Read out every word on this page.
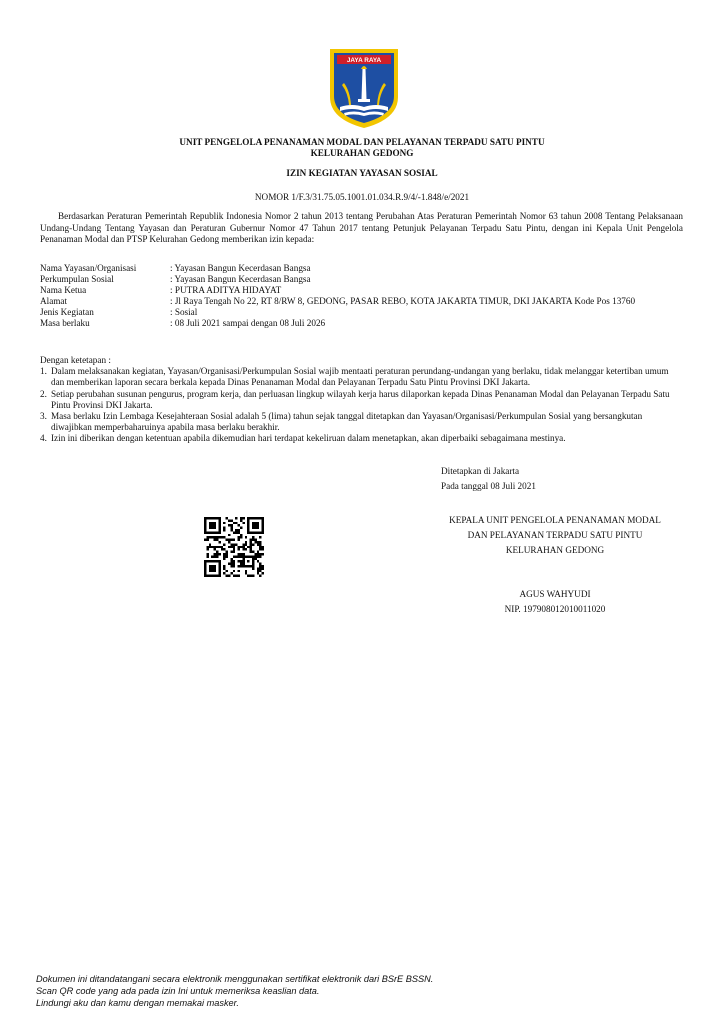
JAYA RAYA
UNIT PENGELOLA PENANAMAN MODAL DAN PELAYANAN TERPADU SATU PINTU
KELURAHAN GEDONG
IZIN KEGIATAN YAYASAN SOSIAL
NOMOR 1/F.3/31.75.05.1001.01.034.R.9/4/-1.848/e/2021

Berdasarkan Peraturan Pemerintah Republik Indonesia Nomor 2 tahun 2013 tentang Perubahan Atas Peraturan Pemerintah Nomor 63 tahun 2008 Tentang Pelaksanaan Undang-Undang Tentang Yayasan dan Peraturan Gubernur Nomor 47 Tahun 2017 tentang Petunjuk Pelayanan Terpadu Satu Pintu, dengan ini Kepala Unit Pengelola Penanaman Modal dan PTSP Kelurahan Gedong memberikan izin kepada:

Nama Yayasan/Organisasi	: Yayasan Bangun Kecerdasan Bangsa
Perkumpulan Sosial	: Yayasan Bangun Kecerdasan Bangsa
Nama Ketua	: PUTRA ADITYA HIDAYAT
Alamat	: Jl Raya Tengah No 22, RT 8/RW 8, GEDONG, PASAR REBO, KOTA JAKARTA TIMUR, DKI JAKARTA Kode Pos 13760
Jenis Kegiatan	: Sosial
Masa berlaku	: 08 Juli 2021 sampai dengan 08 Juli 2026
Dengan ketetapan :
1. Dalam melaksanakan kegiatan, Yayasan/Organisasi/Perkumpulan Sosial wajib mentaati peraturan perundang-undangan yang berlaku, tidak melanggar ketertiban umum dan memberikan laporan secara berkala kepada Dinas Penanaman Modal dan Pelayanan Terpadu Satu Pintu Provinsi DKI Jakarta.
2. Setiap perubahan susunan pengurus, program kerja, dan perluasan lingkup wilayah kerja harus dilaporkan kepada Dinas Penanaman Modal dan Pelayanan Terpadu Satu Pintu Provinsi DKI Jakarta.
3. Masa berlaku Izin Lembaga Kesejahteraan Sosial adalah 5 (lima) tahun sejak tanggal ditetapkan dan Yayasan/Organisasi/Perkumpulan Sosial yang bersangkutan diwajibkan memperbaharuinya apabila masa berlaku berakhir.
4. Izin ini diberikan dengan ketentuan apabila dikemudian hari terdapat kekeliruan dalam menetapkan, akan diperbaiki sebagaimana mestinya.
Ditetapkan di Jakarta
Pada tanggal 08 Juli 2021
KEPALA UNIT PENGELOLA PENANAMAN MODAL
DAN PELAYANAN TERPADU SATU PINTU
KELURAHAN GEDONG
AGUS WAHYUDI
NIP. 197908012010011020
Dokumen ini ditandatangani secara elektronik menggunakan sertifikat elektronik dari BSrE BSSN.
Scan QR code yang ada pada izin Ini untuk memeriksa keaslian data.
Lindungi aku dan kamu dengan memakai masker.
